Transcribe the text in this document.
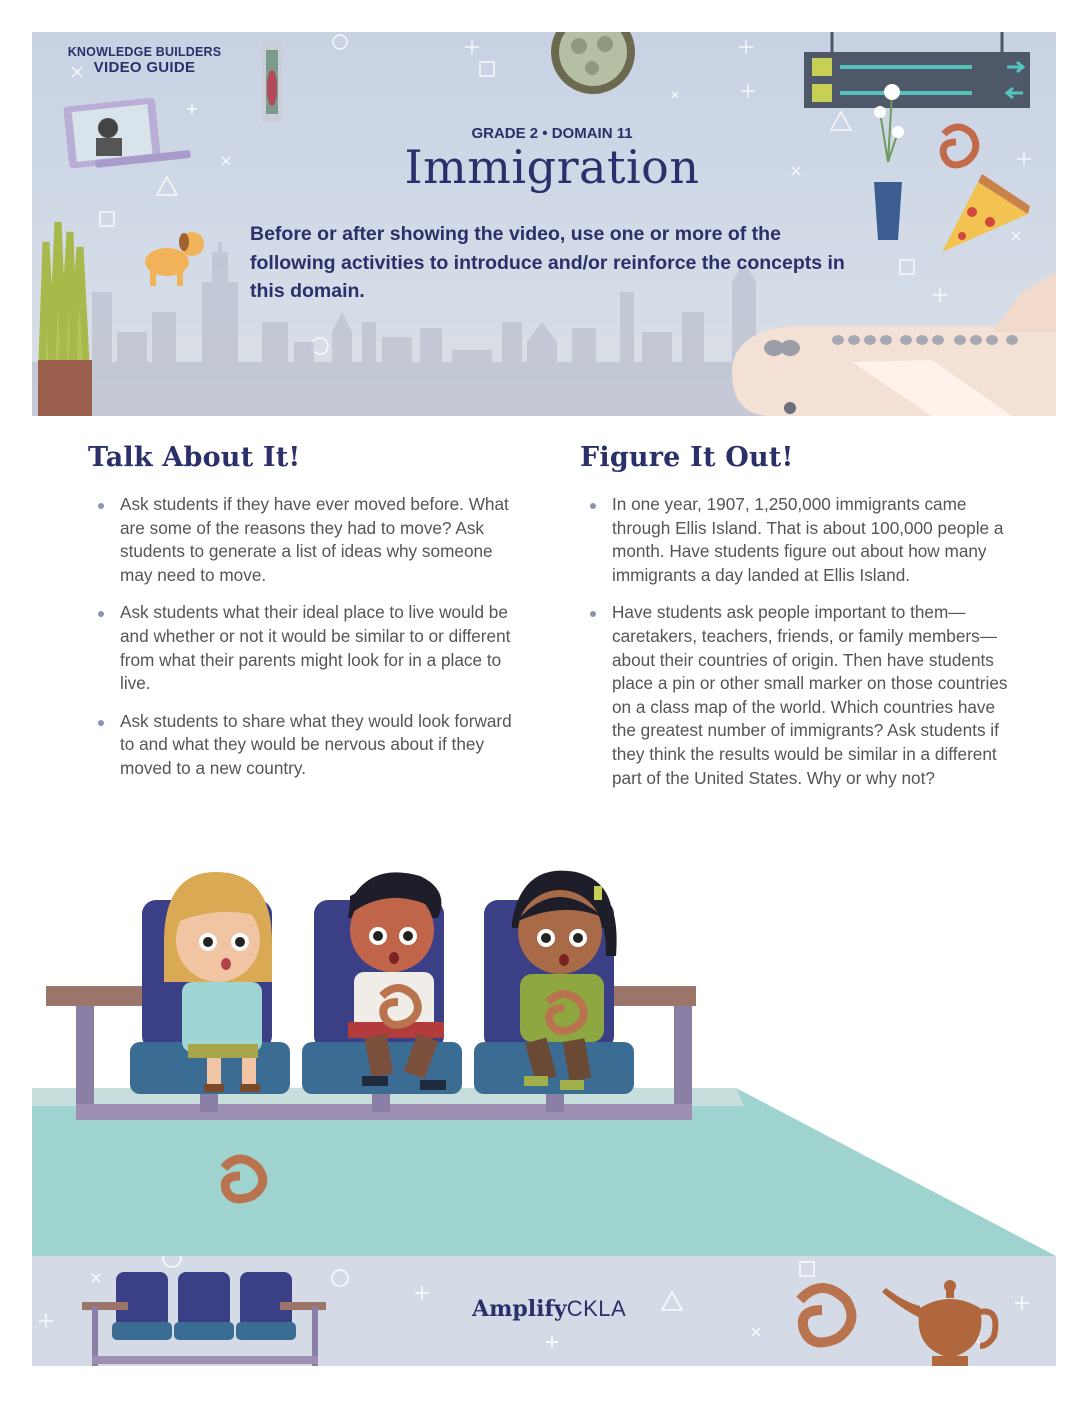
KNOWLEDGE BUILDERS
VIDEO GUIDE
GRADE 2 • DOMAIN 11
Immigration
Before or after showing the video, use one or more of the following activities to introduce and/or reinforce the concepts in this domain.
Talk About It!
Ask students if they have ever moved before. What are some of the reasons they had to move? Ask students to generate a list of ideas why someone may need to move.
Ask students what their ideal place to live would be and whether or not it would be similar to or different from what their parents might look for in a place to live.
Ask students to share what they would look forward to and what they would be nervous about if they moved to a new country.
Figure It Out!
In one year, 1907, 1,250,000 immigrants came through Ellis Island. That is about 100,000 people a month. Have students figure out about how many immigrants a day landed at Ellis Island.
Have students ask people important to them—caretakers, teachers, friends, or family members—about their countries of origin. Then have students place a pin or other small marker on those countries on a class map of the world. Which countries have the greatest number of immigrants? Ask students if they think the results would be similar in a different part of the United States. Why or why not?
AmplifyCKLA
